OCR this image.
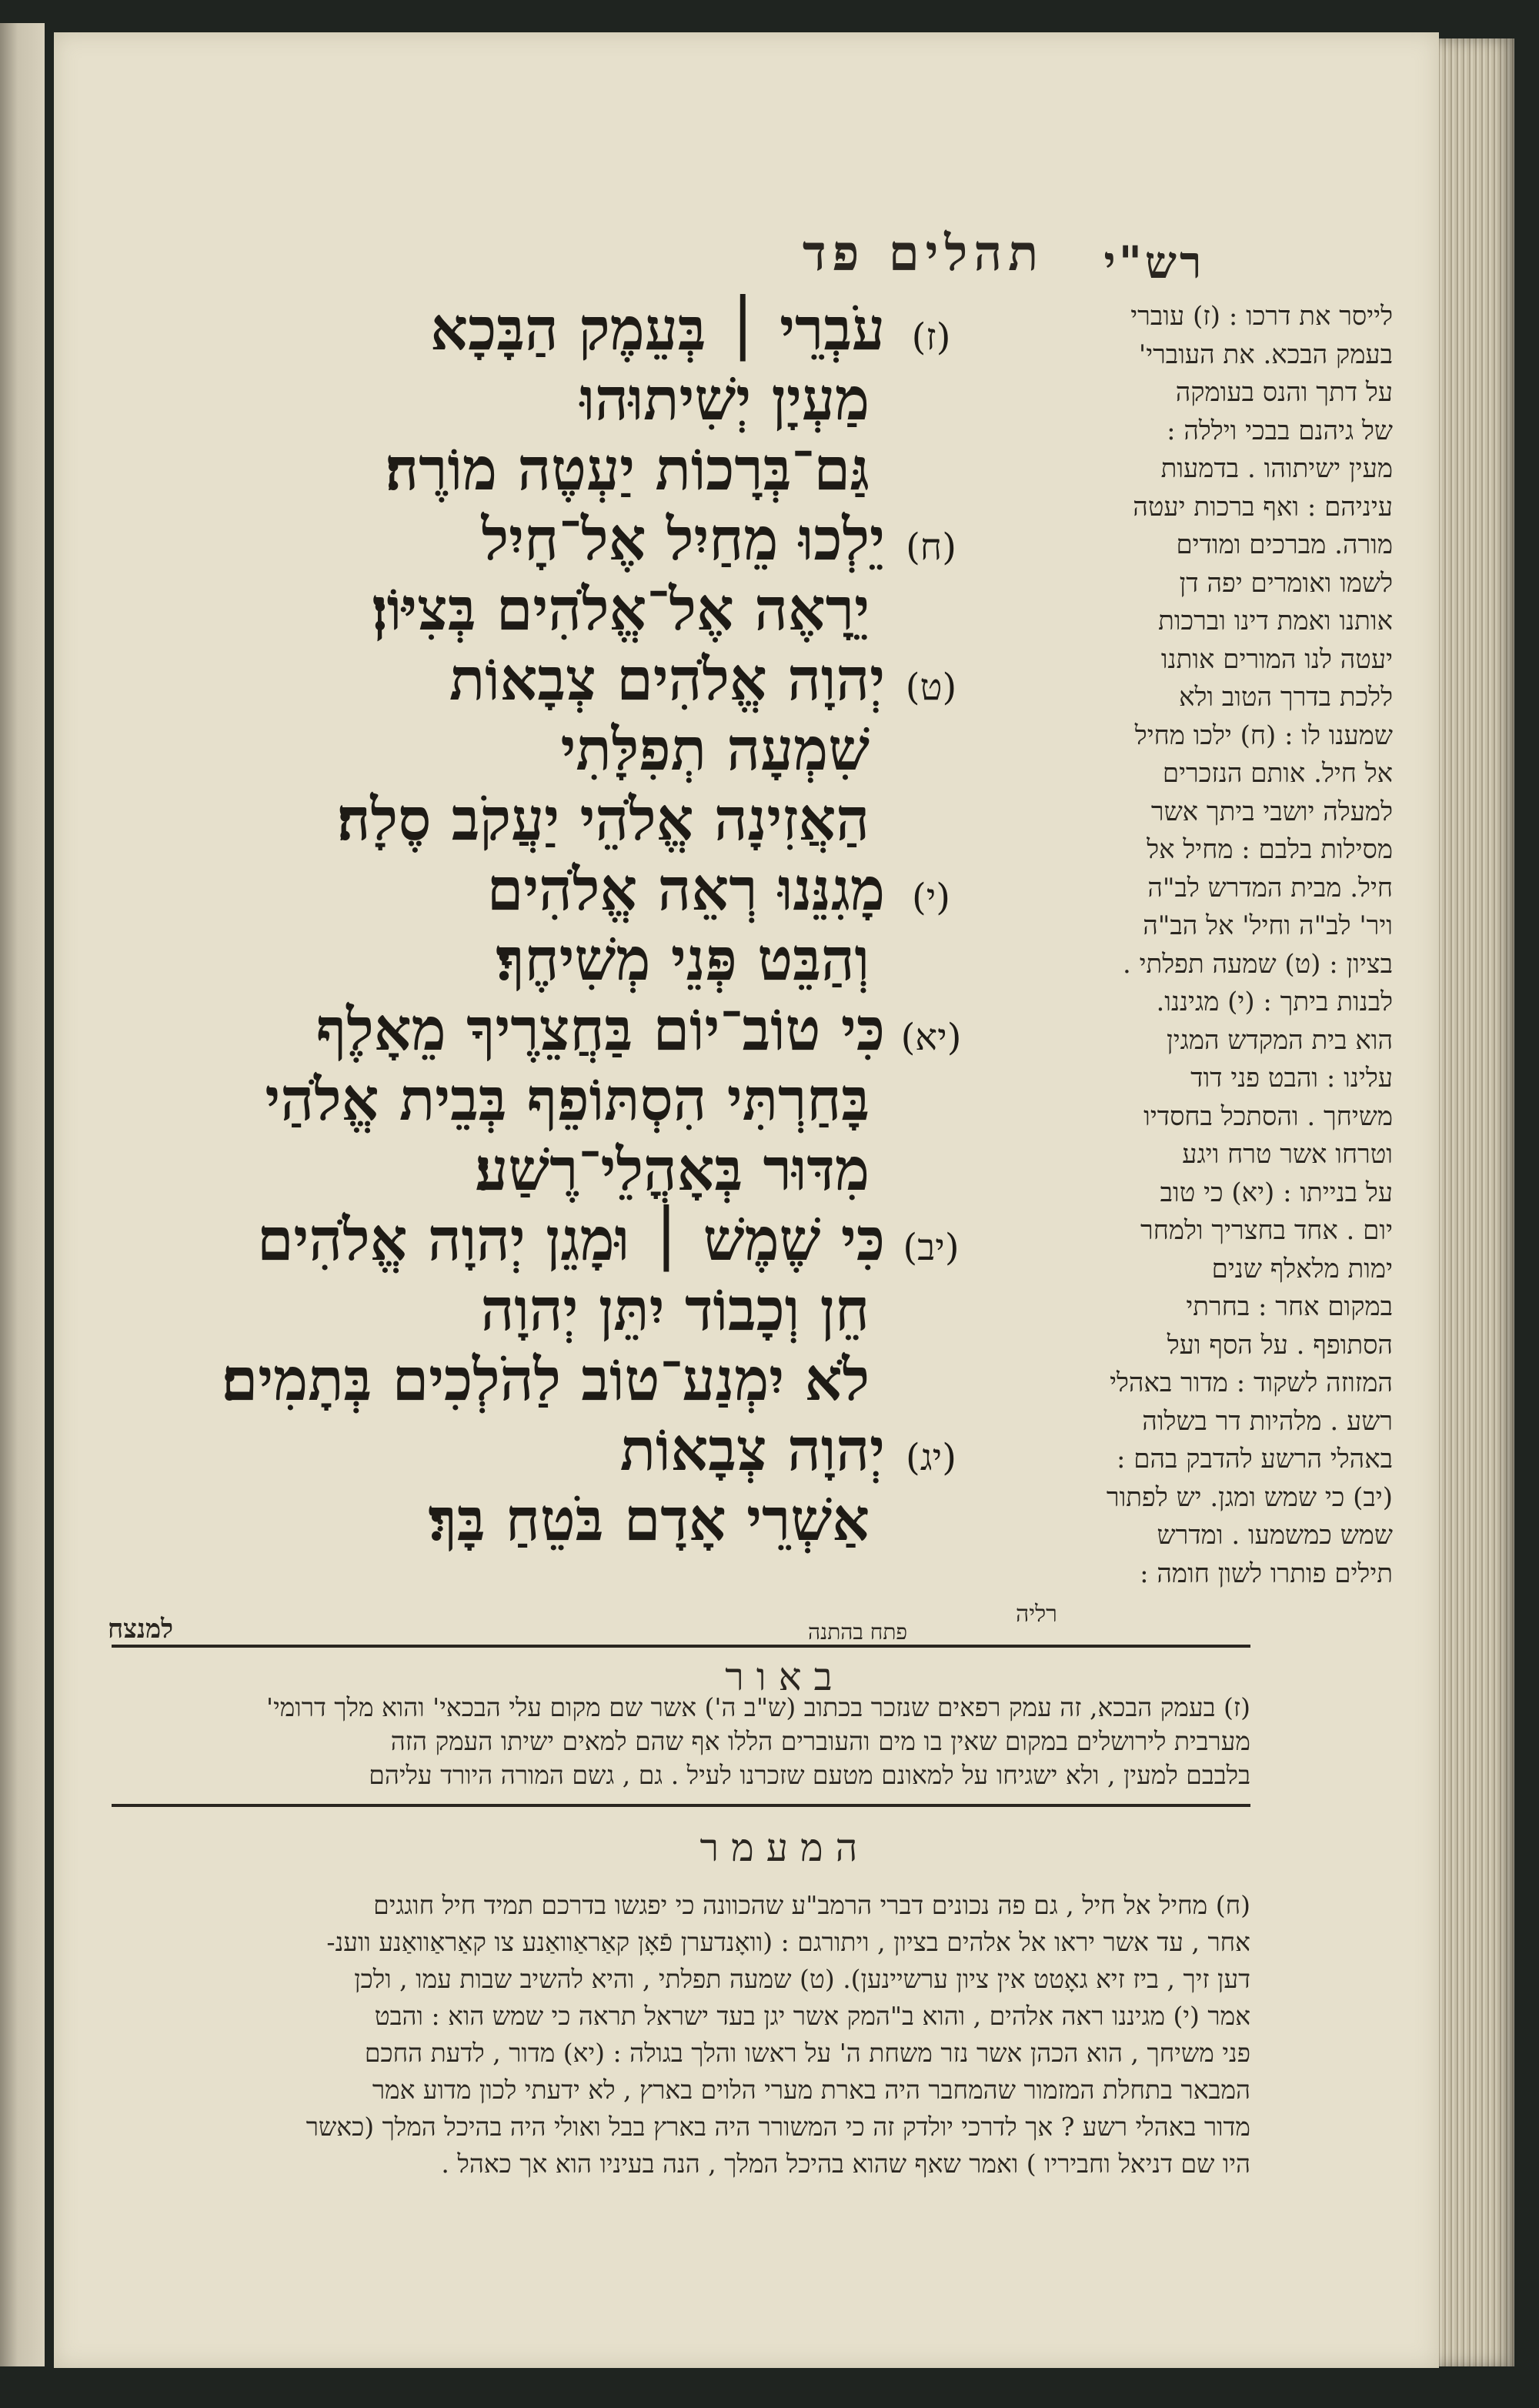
תהלים פד	רש"י
(ז)עֹבְרֵי ׀ בְּעֵמֶק הַבָּכָא
מַעְיָן יְשִׁיתוּהוּ
גַּם־בְּרָכוֹת יַעְטֶה מוֹרֶה׃
(ח)יֵלְכוּ מֵחַיִל אֶל־חָיִל
יֵרָאֶה אֶל־אֱלֹהִים בְּצִיּוֹן׃
(ט)יְהוָה אֱלֹהִים צְבָאוֹת
שִׁמְעָה תְפִלָּתִי
הַאֲזִינָה אֱלֹהֵי יַעֲקֹב סֶלָה׃
(י)מָגִנֵּנוּ רְאֵה אֱלֹהִים
וְהַבֵּט פְּנֵי מְשִׁיחֶךָ׃
(יא)כִּי טוֹב־יוֹם בַּחֲצֵרֶיךָ מֵאָלֶף
בָּחַרְתִּי הִסְתּוֹפֵף בְּבֵית אֱלֹהַי
מִדּוּר בְּאָהֳלֵי־רֶשַׁע׃
(יב)כִּי שֶׁמֶשׁ ׀ וּמָגֵן יְהוָה אֱלֹהִים
חֵן וְכָבוֹד יִתֵּן יְהוָה
לֹא יִמְנַע־טוֹב לַהֹלְכִים בְּתָמִים׃
(יג)יְהוָה צְבָאוֹת
אַשְׁרֵי אָדָם בֹּטֵחַ בָּךְ׃
לייסר את דרכו : (ז) עוברי
בעמק הבכא. את העוברי'
על דתך והנס בעומקה
של גיהנם בבכי ויללה :
מעין ישיתוהו . בדמעות
עיניהם : ואף ברכות יעטה
מורה. מברכים ומודים
לשמו ואומרים יפה דן
אותנו ואמת דינו וברכות
יעטה לנו המורים אותנו
ללכת בדרך הטוב ולא
שמענו לו : (ח) ילכו מחיל
אל חיל. אותם הנזכרים
למעלה יושבי ביתך אשר
מסילות בלבם : מחיל אל
חיל. מבית המדרש לב"ה
ויר' לב"ה וחיל' אל הב"ה
בציון : (ט) שמעה תפלתי .
לבנות ביתך : (י) מגיננו.
הוא בית המקדש המגין
עלינו : והבט פני דוד
משיחך . והסתכל בחסדיו
וטרחו אשר טרח ויגע
על בנייתו : (יא) כי טוב
יום . אחד בחצריך ולמחר
ימות מלאלף שנים
במקום אחר : בחרתי
הסתופף . על הסף ועל
המזוזה לשקוד : מדור באהלי
רשע . מלהיות דר בשלוה
באהלי הרשע להדבק בהם :
(יב) כי שמש ומגן. יש לפתור
שמש כמשמעו . ומדרש
תילים פותרו לשון חומה :
למנצח	פתח בהתנה
רליה
באור
(ז) בעמק הבכא, זה עמק רפאים שנזכר בכתוב (ש"ב ה') אשר שם מקום עלי הבכאי' והוא מלך דרומי'
מערבית לירושלים במקום שאין בו מים והעוברים הללו אף שהם למאים ישיתו העמק הזה
בלבבם למעין , ולא ישגיחו על למאונם מטעם שזכרנו לעיל . גם , גשם המורה היורד עליהם
המעמר
(ח) מחיל אל חיל , גם פה נכונים דברי הרמב"ע שהכוונה כי יפגשו בדרכם תמיד חיל חוגגים
אחר , עד אשר יראו אל אלהים בציון , ויתורגם : (וואָנדערן פֿאָן קאַראַוואַנע צו קאַראַוואַנע ווענ-
דען זיך , ביז זיא גאָטט אין ציון ערשיינען). (ט) שמעה תפלתי , והיא להשיב שבות עמו , ולכן
אמר (י) מגיננו ראה אלהים , והוא ב"המק אשר יגן בעד ישראל תראה כי שמש הוא : והבט
פני משיחך , הוא הכהן אשר נזר משחת ה' על ראשו והלך בגולה : (יא) מדור , לדעת החכם
המבאר בתחלת המזמור שהמחבר היה בארת מערי הלוים בארץ , לא ידעתי לכון מדוע אמר
מדור באהלי רשע ? אך לדרכי יולדק זה כי המשורר היה בארץ בבל ואולי היה בהיכל המלך (כאשר
היו שם דניאל וחביריו ) ואמר שאף שהוא בהיכל המלך , הנה בעיניו הוא אך כאהל .
